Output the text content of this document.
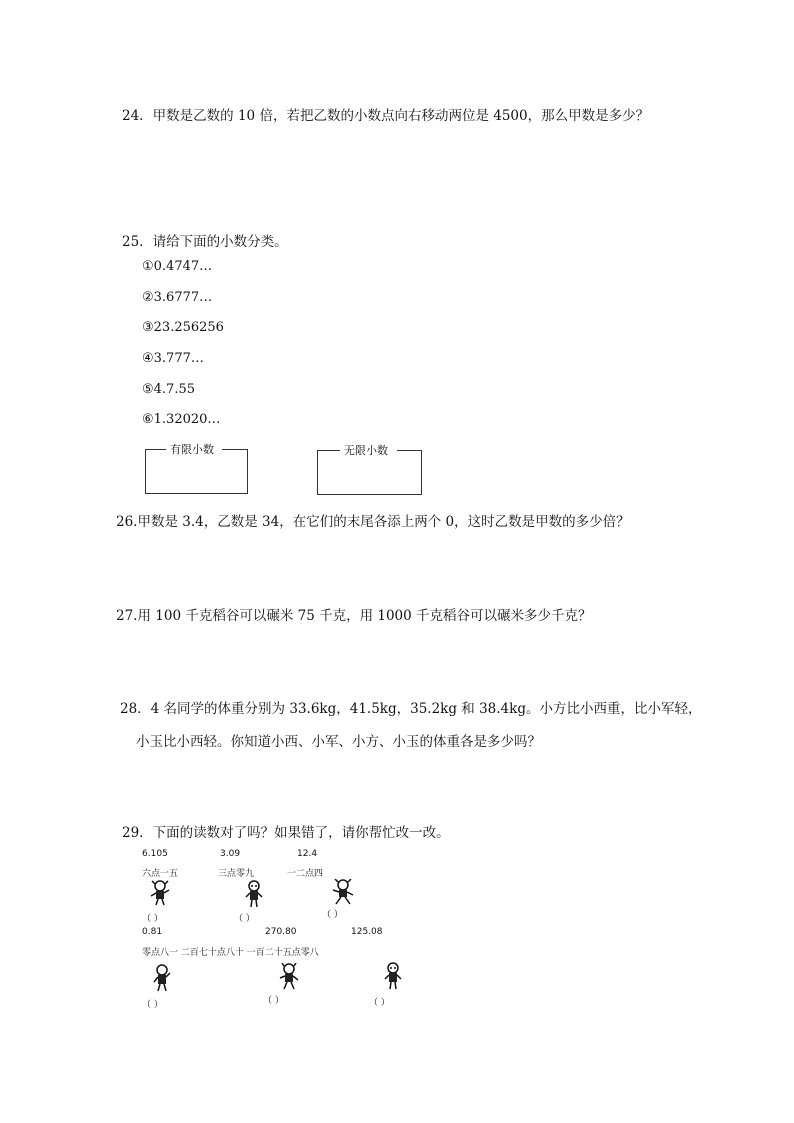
24．甲数是乙数的 10 倍，若把乙数的小数点向右移动两位是 4500，那么甲数是多少？
25．请给下面的小数分类。
①0.4747…
②3.6777…
③23.256256
④3.777…
⑤4.7.55
⑥1.32020…
有限小数	无限小数
26.甲数是 3.4，乙数是 34，在它们的末尾各添上两个 0，这时乙数是甲数的多少倍？
27.用 100 千克稻谷可以碾米 75 千克，用 1000 千克稻谷可以碾米多少千克？
28．4 名同学的体重分别为 33.6kg，41.5kg，35.2kg 和 38.4kg。小方比小西重，比小军轻，
小玉比小西轻。你知道小西、小军、小方、小玉的体重各是多少吗？
29．下面的读数对了吗？如果错了，请你帮忙改一改。
6.105	3.09	12.4
六点一五	三点零九	一二点四
（ ）	（ ）	（ ）
0.81	270.80	125.08
零点八一 二百七十点八十 一百二十五点零八
（ ）	（ ）	（ ）
